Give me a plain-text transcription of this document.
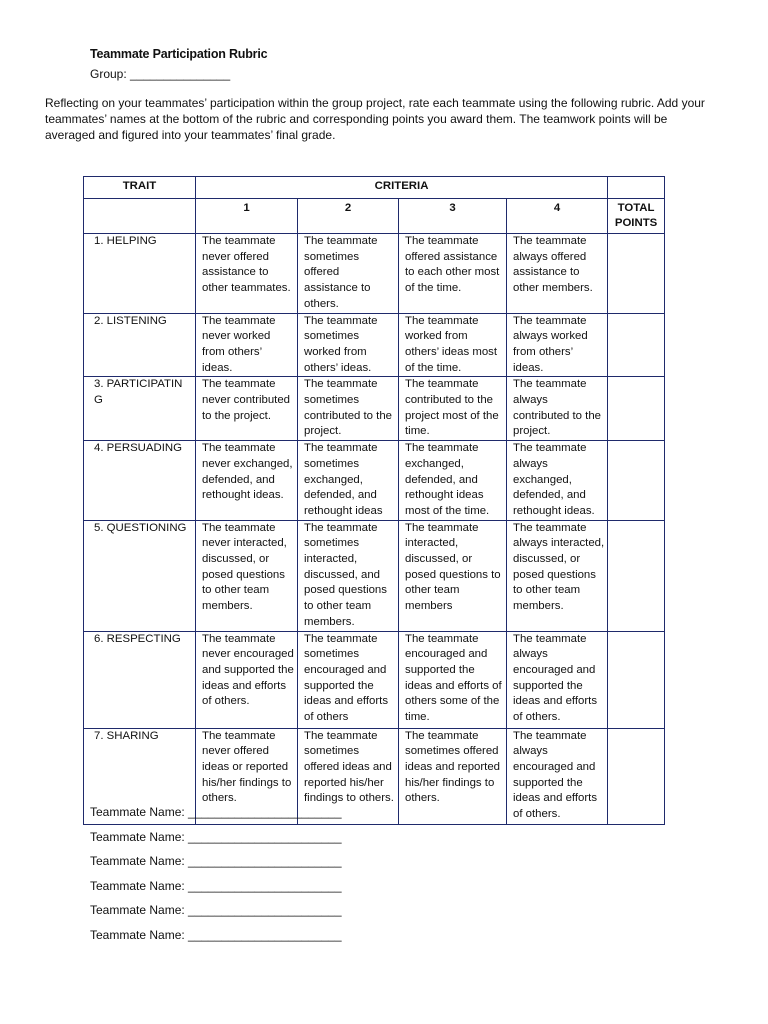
Teammate Participation Rubric
Group: _______________
Reflecting on your teammates’ participation within the group project, rate each teammate using the following rubric. Add your teammates’ names at the bottom of the rubric and corresponding points you award them. The teamwork points will be averaged and figured into your teammates’ final grade.
TRAIT	CRITERIA				
	1	2	3	4	TOTAL POINTS
1. HELPING	The teammate never offered assistance to other teammates.	The teammate sometimes offered assistance to others.	The teammate offered assistance to each other most of the time.	The teammate always offered assistance to other members.	
2. LISTENING	The teammate never worked from others’ ideas.	The teammate sometimes worked from others’ ideas.	The teammate worked from others’ ideas most of the time.	The teammate always worked from others’ ideas.	
3. PARTICIPATIN G	The teammate never contributed to the project.	The teammate sometimes contributed to the project.	The teammate contributed to the project most of the time.	The teammate always contributed to the project.	
4. PERSUADING	The teammate never exchanged, defended, and rethought ideas.	The teammate sometimes exchanged, defended, and rethought ideas	The teammate exchanged, defended, and rethought ideas most of the time.	The teammate always exchanged, defended, and rethought ideas.	
5. QUESTIONING	The teammate never interacted, discussed, or posed questions to other team members.	The teammate sometimes interacted, discussed, and posed questions to other team members.	The teammate interacted, discussed, or posed questions to other team members	The teammate always interacted, discussed, or posed questions to other team members.	
6. RESPECTING	The teammate never encouraged and supported the ideas and efforts of others.	The teammate sometimes encouraged and supported the ideas and efforts of others	The teammate encouraged and supported the ideas and efforts of others some of the time.	The teammate always encouraged and supported the ideas and efforts of others.	
7. SHARING	The teammate never offered ideas or reported his/her findings to others.	The teammate sometimes offered ideas and reported his/her findings to others.	The teammate sometimes offered ideas and reported his/her findings to others.	The teammate always encouraged and supported the ideas and efforts of others.	
Teammate Name: _______________________
Teammate Name: _______________________
Teammate Name: _______________________
Teammate Name: _______________________
Teammate Name: _______________________
Teammate Name: _______________________
